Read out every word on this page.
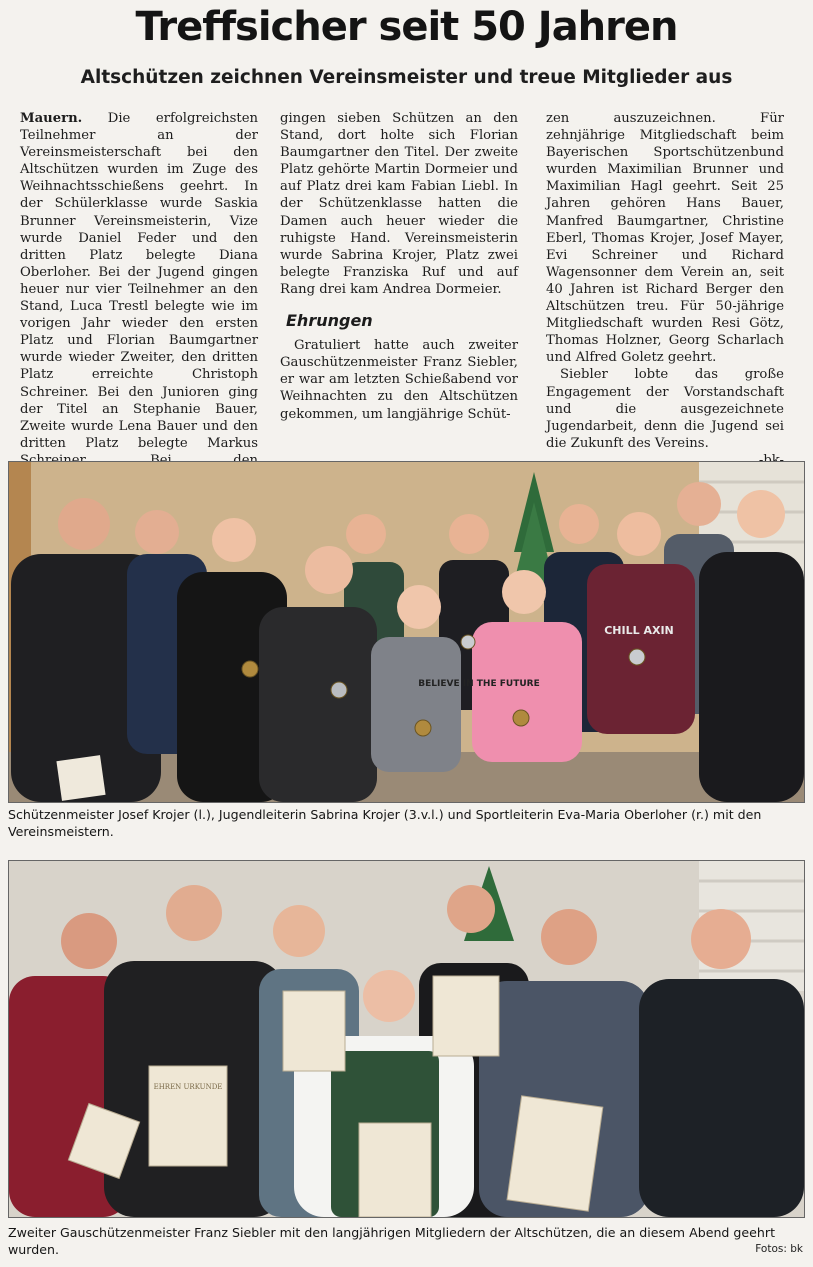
Treffsicher seit 50 Jahren
Altschützen zeichnen Vereinsmeister und treue Mitglieder aus

Mauern. Die erfolgreichsten Teilnehmer an der Vereinsmeisterschaft bei den Altschützen wurden im Zuge des Weihnachtsschießens geehrt. In der Schülerklasse wurde Saskia Brunner Vereinsmeisterin, Vize wurde Daniel Feder und den dritten Platz belegte Diana Oberloher. Bei der Jugend gingen heuer nur vier Teilnehmer an den Stand, Luca Trestl belegte wie im vorigen Jahr wieder den ersten Platz und Florian Baumgartner wurde wieder Zweiter, den dritten Platz erreichte Christoph Schreiner. Bei den Junioren ging der Titel an Stephanie Bauer, Zweite wurde Lena Bauer und den dritten Platz belegte Markus

gingen sieben Schützen an den Stand, dort holte sich Florian Baumgartner den Titel. Der zweite Platz gehörte Martin Dormeier und auf Platz drei kam Fabian Liebl. In der Schützenklasse hatten die Damen auch heuer wieder die ruhigste Hand. Vereinsmeisterin wurde Sabrina Krojer, Platz zwei belegte Franziska Ruf und auf Rang drei kam Andrea Dormeier.

Ehrungen

Gratuliert hatte auch zweiter Gauschützenmeister Franz Siebler, er war am letzten Schießabend vor Weihnachten zu den Altschützen gekommen, um langjährige Schüt-

zen auszuzeichnen. Für zehnjährige Mitgliedschaft beim Bayerischen Sportschützenbund wurden Maximilian Brunner und Maximilian Hagl geehrt. Seit 25 Jahren gehören Hans Bauer, Manfred Baumgartner, Christine Eberl, Thomas Krojer, Josef Mayer, Evi Schreiner und Richard Wagensonner dem Verein an, seit 40 Jahren ist Richard Berger den Altschützen treu. Für 50-jährige Mitgliedschaft wurden Resi Götz, Thomas Holzner, Georg Scharlach und Alfred Goletz geehrt.

Siebler lobte das große Engagement der Vorstandschaft und die ausgezeichnete Jugendarbeit, denn die Jugend sei die Zukunft des Vereins.

BELIEVE IN THE FUTURE
CHILL AXIN
Schützenmeister Josef Krojer (l.), Jugendleiterin Sabrina Krojer (3.v.l.) und Sportleiterin Eva-Maria Oberloher (r.) mit den Vereinsmeistern.
EHREN URKUNDE
Zweiter Gauschützenmeister Franz Siebler mit den langjährigen Mitgliedern der Altschützen, die an diesem Abend geehrt wurden.	Fotos: bk
